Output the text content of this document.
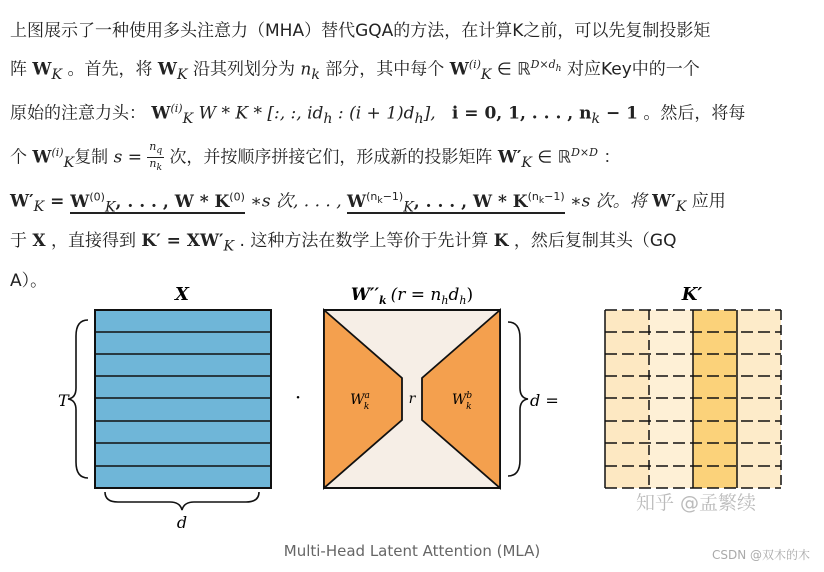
上图展示了一种使用多头注意力（MHA）替代GQA的方法，在计算K之前，可以先复制投影矩
阵 $W_K$ 。首先，将 $W_K$ 沿其列划分为 $n_k$ 部分，其中每个 $W^{(i)}_K$ ∈ ℝ$^{D\times d_h}$ 对应Key中的一个
原始的注意力头： $W^{(i)}_K$ W * K * [:, :, $id_h$ : $(i + 1)d_h$], i = 0, 1, . . . , $n_k - 1$ 。然后，将每
个 $W^{(i)}_K$复制 $s = \frac{n_q}{n_k}$ 次，并按顺序拼接它们，形成新的投影矩阵 $W'_K$ ∈ ℝ$^{D\times D}$ ：
$W'_K = W^{(0)}_K$, . . . , W * $K^{(0)}$ ∗s 次, . . . , $W^{(n_k-1)}_K$, . . . , W * $K^{(n_k-1)}$ ∗s 次。将 $W'_K$ 应用
于 X ，直接得到 $K' = XW'_K$ . 这种方法在数学上等价于先计算 K ，然后复制其头（GQ
A）。
X
T
d
·
$W''_k$ $(r = n_hd_h)$
$W^a$ k	$W^b$ k
r	d =
K′
知乎 @孟繁续
Multi-Head Latent Attention (MLA)	CSDN @双木的木
